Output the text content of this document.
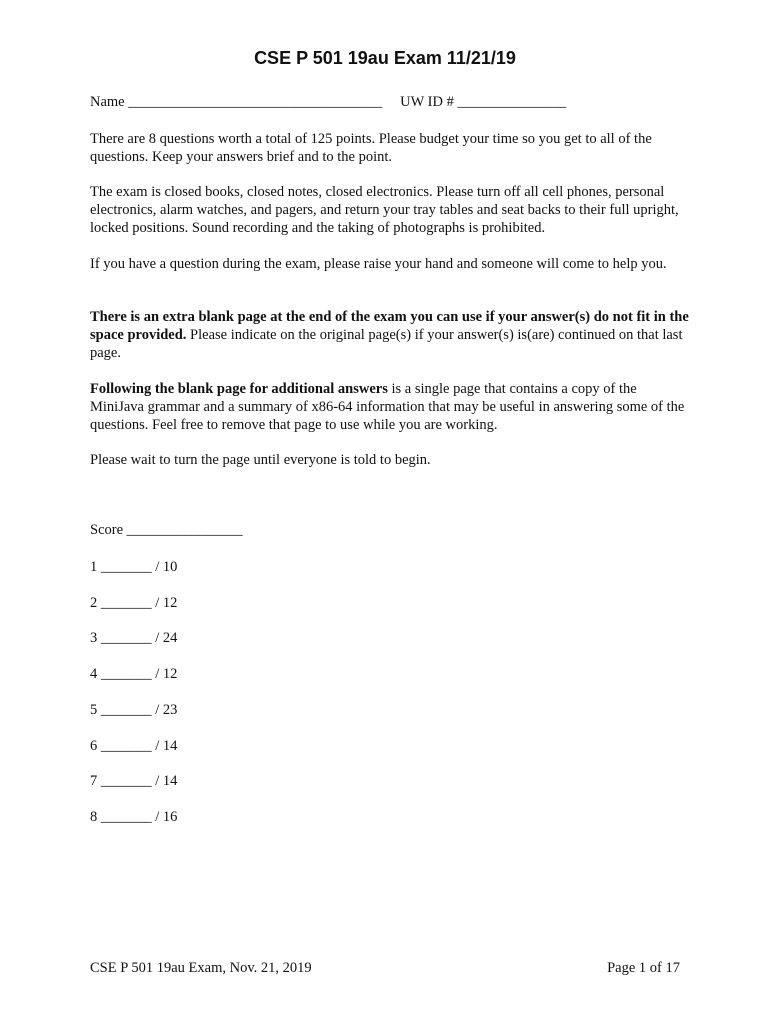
CSE P 501 19au Exam 11/21/19
Name ___________________________________     UW ID # _______________

There are 8 questions worth a total of 125 points. Please budget your time so you get to all of the questions. Keep your answers brief and to the point.

The exam is closed books, closed notes, closed electronics. Please turn off all cell phones, personal electronics, alarm watches, and pagers, and return your tray tables and seat backs to their full upright, locked positions. Sound recording and the taking of photographs is prohibited.

If you have a question during the exam, please raise your hand and someone will come to help you.

There is an extra blank page at the end of the exam you can use if your answer(s) do not fit in the space provided. Please indicate on the original page(s) if your answer(s) is(are) continued on that last page.

Following the blank page for additional answers is a single page that contains a copy of the MiniJava grammar and a summary of x86-64 information that may be useful in answering some of the questions. Feel free to remove that page to use while you are working.

Please wait to turn the page until everyone is told to begin.

Score ________________
1 _______ / 10
2 _______ / 12
3 _______ / 24
4 _______ / 12
5 _______ / 23
6 _______ / 14
7 _______ / 14
8 _______ / 16
CSE P 501 19au Exam, Nov. 21, 2019	Page 1 of 17
